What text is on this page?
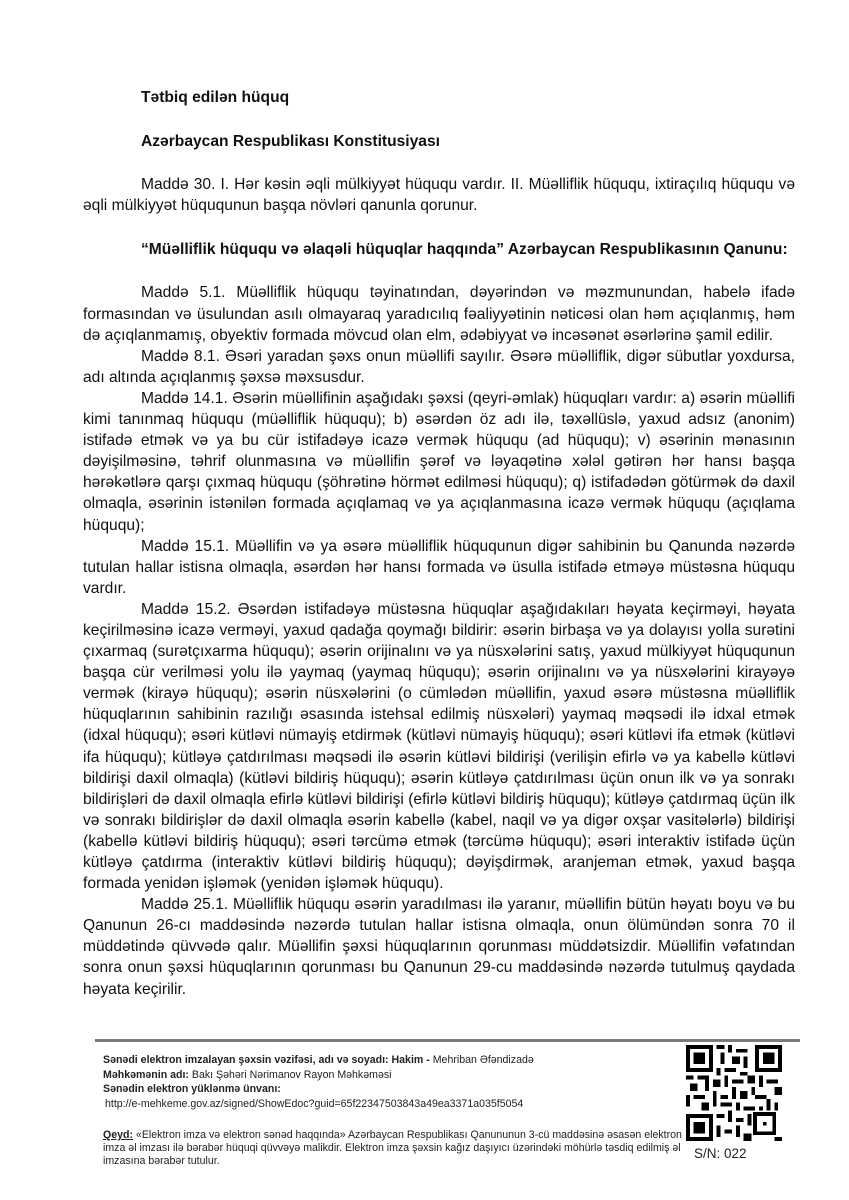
Tətbiq edilən hüquq
Azərbaycan Respublikası Konstitusiyası

Maddə 30. I. Hər kəsin əqli mülkiyyət hüququ vardır. II. Müəlliflik hüququ, ixtiraçılıq hüququ və əqli mülkiyyət hüququnun başqa növləri qanunla qorunur.

“Müəlliflik hüququ və əlaqəli hüquqlar haqqında” Azərbaycan Respublikasının Qanunu:

Maddə 5.1. Müəlliflik hüququ təyinatından, dəyərindən və məzmunundan, habelə ifadə formasından və üsulundan asılı olmayaraq yaradıcılıq fəaliyyətinin nəticəsi olan həm açıqlanmış, həm də açıqlanmamış, obyektiv formada mövcud olan elm, ədəbiyyat və incəsənət əsərlərinə şamil edilir.

Maddə 8.1. Əsəri yaradan şəxs onun müəllifi sayılır. Əsərə müəlliflik, digər sübutlar yoxdursa, adı altında açıqlanmış şəxsə məxsusdur.

Maddə 14.1. Əsərin müəllifinin aşağıdakı şəxsi (qeyri-əmlak) hüquqları vardır: a) əsərin müəllifi kimi tanınmaq hüququ (müəlliflik hüququ); b) əsərdən öz adı ilə, təxəllüslə, yaxud adsız (anonim) istifadə etmək və ya bu cür istifadəyə icazə vermək hüququ (ad hüququ); v) əsərinin mənasının dəyişilməsinə, təhrif olunmasına və müəllifin şərəf və ləyaqətinə xələl gətirən hər hansı başqa hərəkətlərə qarşı çıxmaq hüququ (şöhrətinə hörmət edilməsi hüququ); q) istifadədən götürmək də daxil olmaqla, əsərinin istənilən formada açıqlamaq və ya açıqlanmasına icazə vermək hüququ (açıqlama hüququ);

Maddə 15.1. Müəllifin və ya əsərə müəlliflik hüququnun digər sahibinin bu Qanunda nəzərdə tutulan hallar istisna olmaqla, əsərdən hər hansı formada və üsulla istifadə etməyə müstəsna hüququ vardır.

Maddə 15.2. Əsərdən istifadəyə müstəsna hüquqlar aşağıdakıları həyata keçirməyi, həyata keçirilməsinə icazə verməyi, yaxud qadağa qoymağı bildirir: əsərin birbaşa və ya dolayısı yolla surətini çıxarmaq (surətçıxarma hüququ); əsərin orijinalını və ya nüsxələrini satış, yaxud mülkiyyət hüququnun başqa cür verilməsi yolu ilə yaymaq (yaymaq hüququ); əsərin orijinalını və ya nüsxələrini kirayəyə vermək (kirayə hüququ); əsərin nüsxələrini (o cümlədən müəllifin, yaxud əsərə müstəsna müəlliflik hüquqlarının sahibinin razılığı əsasında istehsal edilmiş nüsxələri) yaymaq məqsədi ilə idxal etmək (idxal hüququ); əsəri kütləvi nümayiş etdirmək (kütləvi nümayiş hüququ); əsəri kütləvi ifa etmək (kütləvi ifa hüququ); kütləyə çatdırılması məqsədi ilə əsərin kütləvi bildirişi (verilişin efirlə və ya kabellə kütləvi bildirişi daxil olmaqla) (kütləvi bildiriş hüququ); əsərin kütləyə çatdırılması üçün onun ilk və ya sonrakı bildirişləri də daxil olmaqla efirlə kütləvi bildirişi (efirlə kütləvi bildiriş hüququ); kütləyə çatdırmaq üçün ilk və sonrakı bildirişlər də daxil olmaqla əsərin kabellə (kabel, naqil və ya digər oxşar vasitələrlə) bildirişi (kabellə kütləvi bildiriş hüququ); əsəri tərcümə etmək (tərcümə hüququ); əsəri interaktiv istifadə üçün kütləyə çatdırma (interaktiv kütləvi bildiriş hüququ); dəyişdirmək, aranjeman etmək, yaxud başqa formada yenidən işləmək (yenidən işləmək hüququ).

Maddə 25.1. Müəlliflik hüququ əsərin yaradılması ilə yaranır, müəllifin bütün həyatı boyu və bu Qanunun 26-cı maddəsində nəzərdə tutulan hallar istisna olmaqla, onun ölümündən sonra 70 il müddətində qüvvədə qalır. Müəllifin şəxsi hüquqlarının qorunması müddətsizdir. Müəllifin vəfatından sonra onun şəxsi hüquqlarının qorunması bu Qanunun 29-cu maddəsində nəzərdə tutulmuş qaydada həyata keçirilir.

Sənədi elektron imzalayan şəxsin vəzifəsi, adı və soyadı: Hakim - Mehriban Əfəndizadə
Məhkəmənin adı: Bakı Şəhəri Nərimanov Rayon Məhkəməsi
Sənədin elektron yüklənmə ünvanı:
http://e-mehkeme.gov.az/signed/ShowEdoc?guid=65f22347503843a49ea3371a035f5054
Qeyd: «Elektron imza və elektron sənəd haqqında» Azərbaycan Respublikası Qanununun 3-cü maddəsinə əsasən elektron imza əl imzası ilə bərabər hüquqi qüvvəyə malikdir. Elektron imza şəxsin kağız daşıyıcı üzərindəki möhürlə təsdiq edilmiş əl imzasına bərabər tutulur.	S/N: 022
